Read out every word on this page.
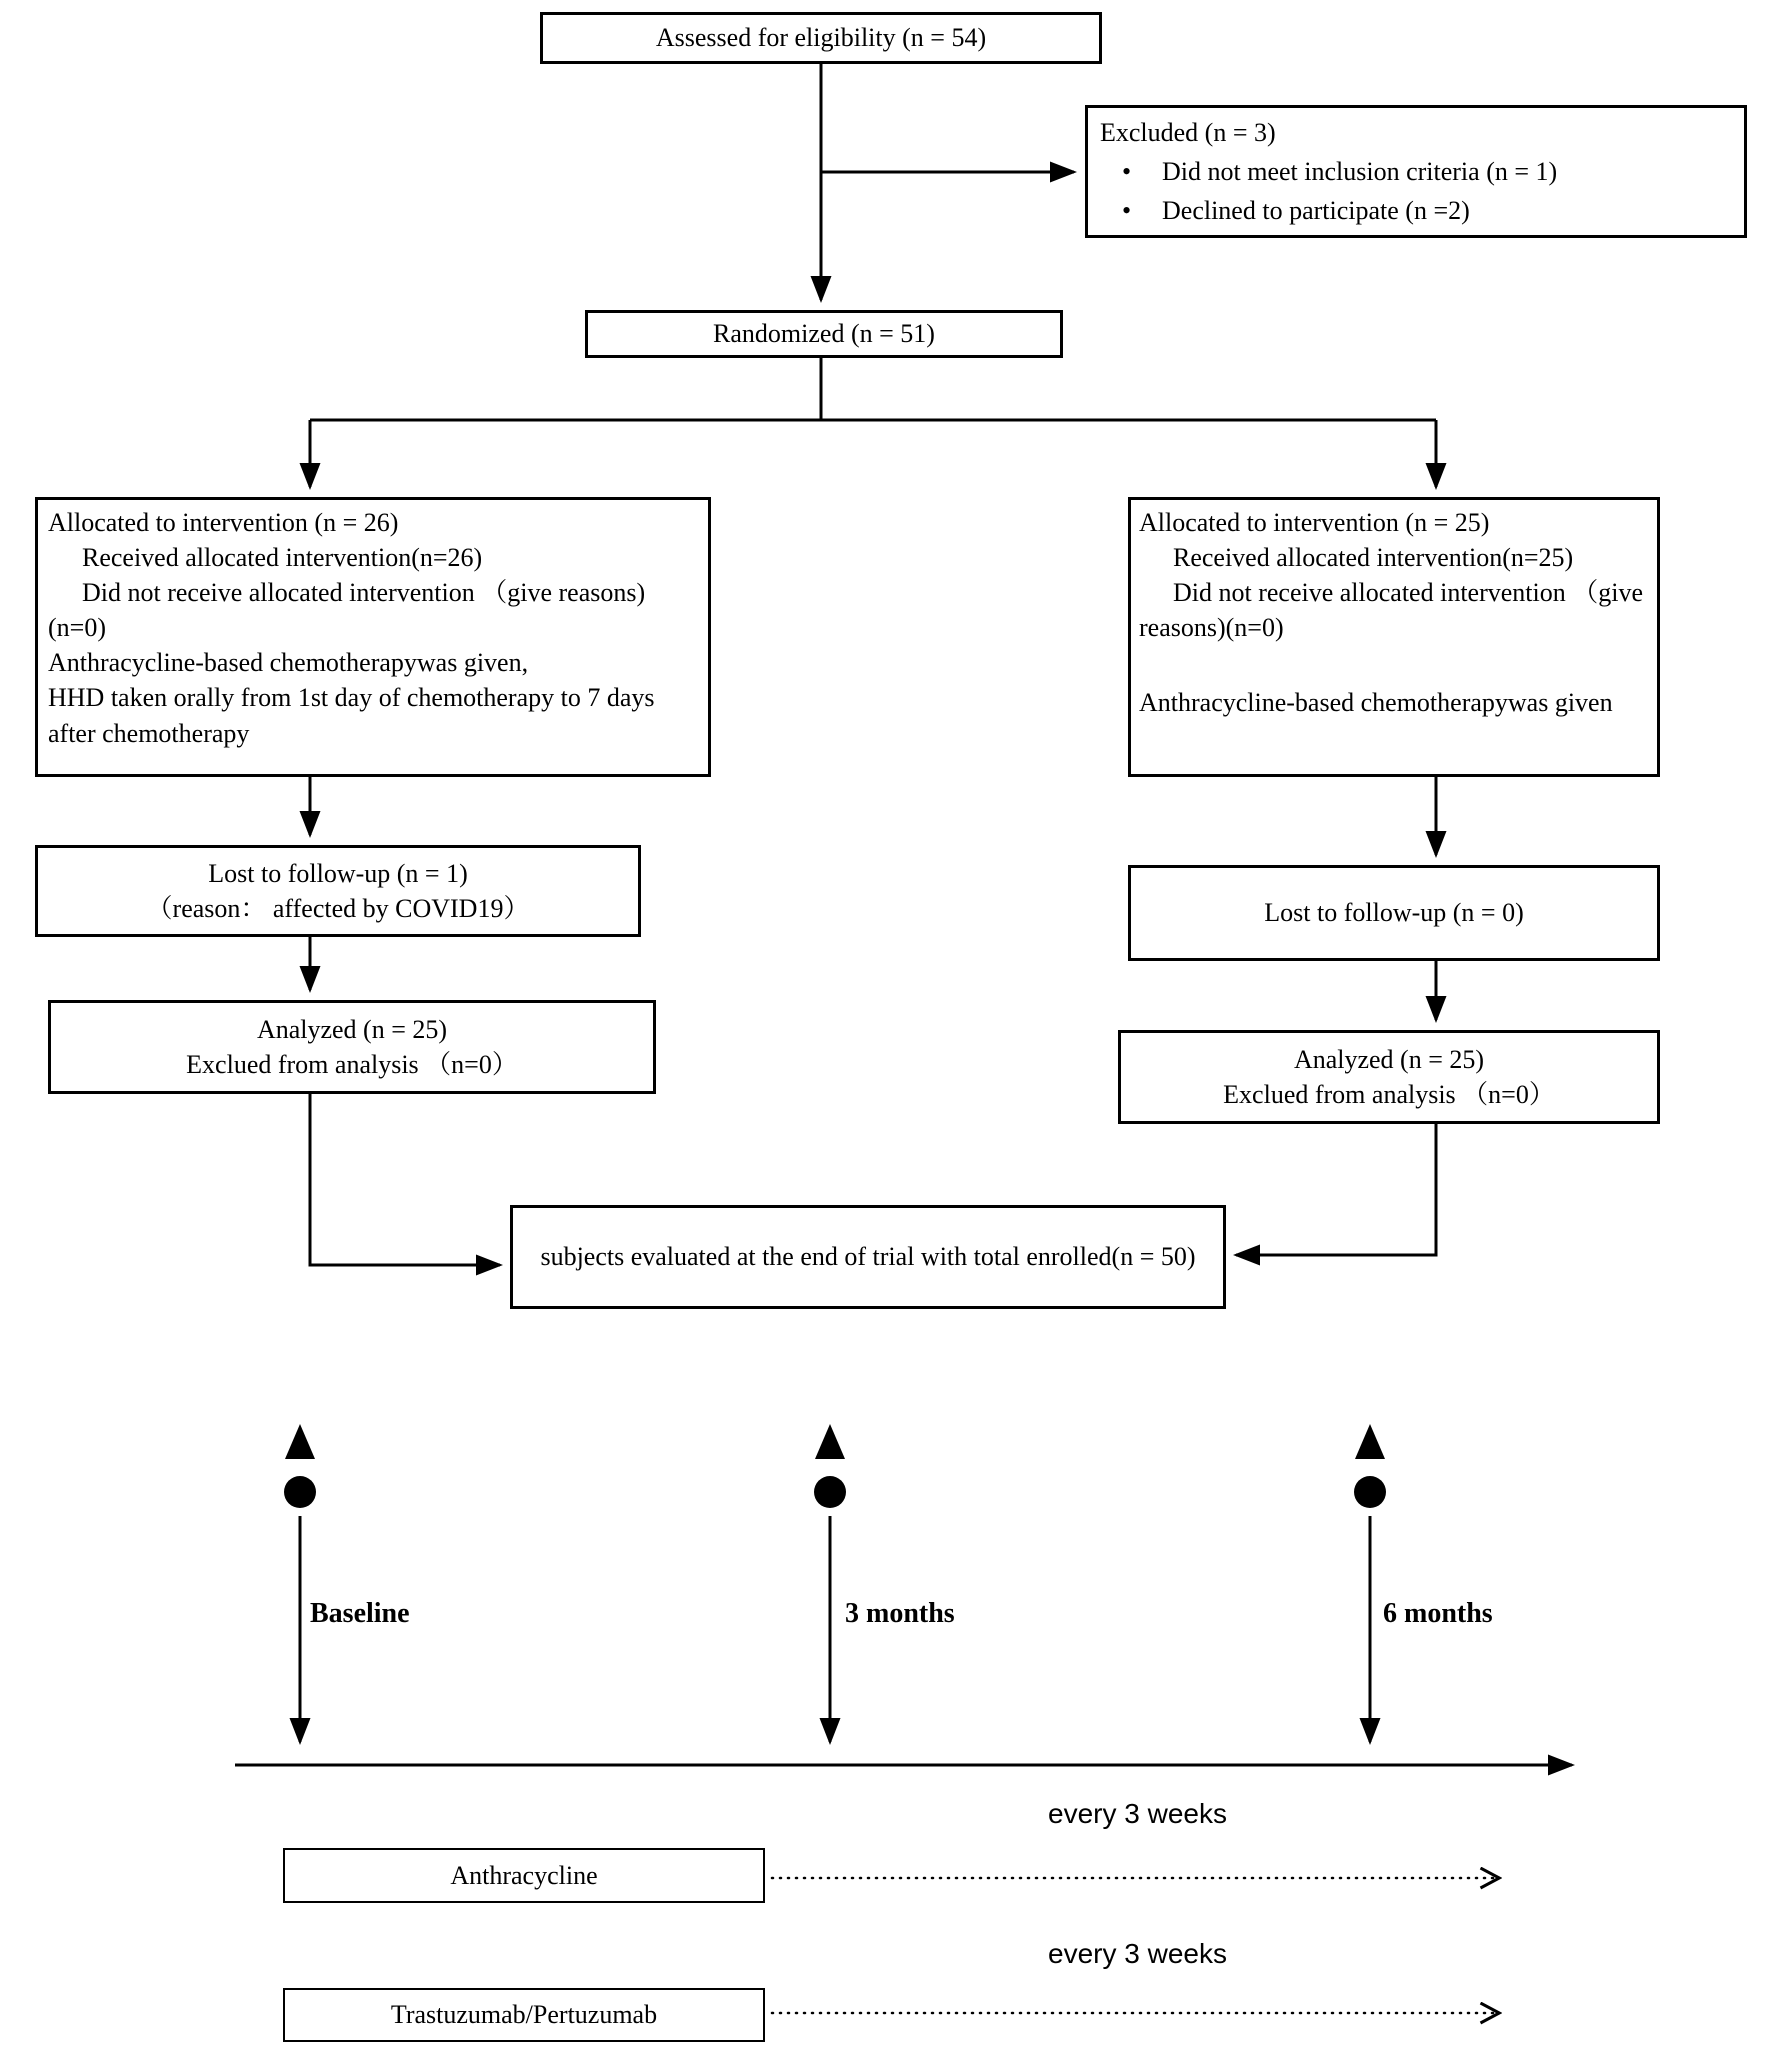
Assessed for eligibility (n = 54)

Excluded (n = 3)

• Did not meet inclusion criteria (n = 1)

• Declined to participate (n =2)

Randomized (n = 51)

Allocated to intervention (n = 26)

Received allocated intervention(n=26)

Did not receive allocated intervention （give reasons)(n=0)

Anthracycline-based chemotherapywas given,

HHD taken orally from 1st day of chemotherapy to 7 days after chemotherapy

Allocated to intervention (n = 25)

Received allocated intervention(n=25)

Did not receive allocated intervention （give reasons)(n=0)

Anthracycline-based chemotherapywas given

Lost to follow-up (n = 1)

（reason： affected by COVID19）	Lost to follow-up (n = 0)

Analyzed (n = 25)

Exclued from analysis （n=0）	Analyzed (n = 25)

Exclued from analysis （n=0）

subjects evaluated at the end of trial with total enrolled(n = 50)

Baseline	3 months	6 months
every 3 weeks

Anthracycline

every 3 weeks

Trastuzumab/Pertuzumab
